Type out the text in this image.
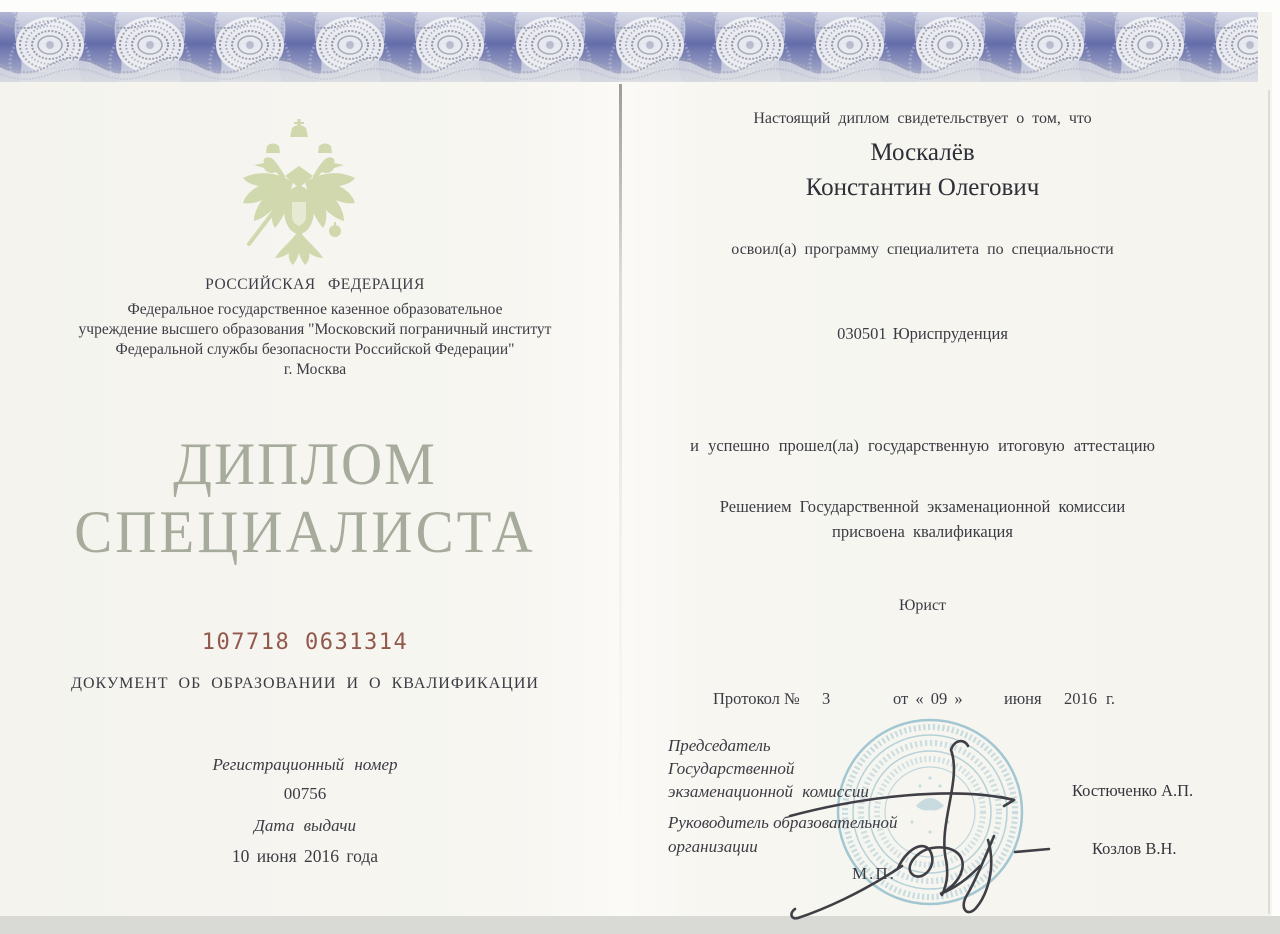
РОССИЙСКАЯ ФЕДЕРАЦИЯ
Федеральное государственное казенное образовательное
учреждение высшего образования "Московский пограничный институт
Федеральной службы безопасности Российской Федерации"
г. Москва
ДИПЛОМ
СПЕЦИАЛИСТА
107718 0631314
ДОКУМЕНТ ОБ ОБРАЗОВАНИИ И О КВАЛИФИКАЦИИ
Регистрационный номер
00756
Дата выдачи
10 июня 2016 года
Настоящий диплом свидетельствует о том, что
Москалёв
Константин Олегович
освоил(а) программу специалитета по специальности
030501 Юриспруденция
и успешно прошел(ла) государственную итоговую аттестацию
Решением Государственной экзаменационной комиссии
присвоена квалификация
Юрист
Протокол № 3	от « 09 »	июня 2016 г.
Председатель
Государственной
экзаменационной комиссии
Руководитель образовательной
организации
Костюченко А.П.
Козлов В.Н.
М.П.
